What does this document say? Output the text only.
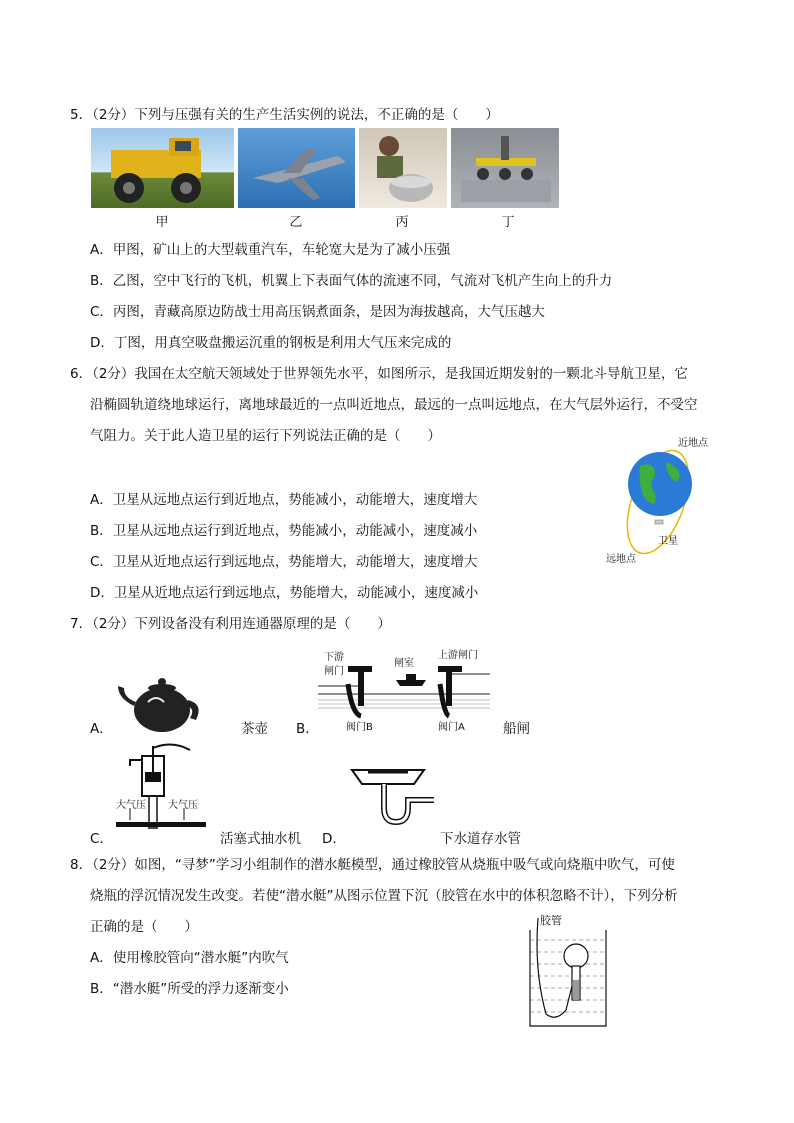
5．（2分）下列与压强有关的生产生活实例的说法，不正确的是（　　）
甲	乙	丙	丁
A．甲图，矿山上的大型载重汽车，车轮宽大是为了减小压强
B．乙图，空中飞行的飞机，机翼上下表面气体的流速不同，气流对飞机产生向上的升力
C．丙图，青藏高原边防战士用高压锅煮面条，是因为海拔越高，大气压越大
D．丁图，用真空吸盘搬运沉重的钢板是利用大气压来完成的
6．（2分）我国在太空航天领域处于世界领先水平，如图所示，是我国近期发射的一颗北斗导航卫星，它
沿椭圆轨道绕地球运行，离地球最近的一点叫近地点，最远的一点叫远地点，在大气层外运行，不受空
气阻力。关于此人造卫星的运行下列说法正确的是（　　）
A．卫星从远地点运行到近地点，势能减小，动能增大，速度增大
B．卫星从远地点运行到近地点，势能减小，动能减小，速度减小
C．卫星从近地点运行到远地点，势能增大，动能增大，速度增大
D．卫星从近地点运行到远地点，势能增大，动能减小，速度减小
近地点
卫星
远地点
7．（2分）下列设备没有利用连通器原理的是（　　）
A．	茶壶 B．
下游
闸门
闸室
上游闸门
阀门B	阀门A	船闸
C．
大气压 大气压
活塞式抽水机 D．	下水道存水管
8．（2分）如图，“寻梦”学习小组制作的潜水艇模型，通过橡胶管从烧瓶中吸气或向烧瓶中吹气，可使
烧瓶的浮沉情况发生改变。若使“潜水艇”从图示位置下沉（胶管在水中的体积忽略不计），下列分析
正确的是（　　）
A．使用橡胶管向“潜水艇”内吹气
B．“潜水艇”所受的浮力逐渐变小
胶管
